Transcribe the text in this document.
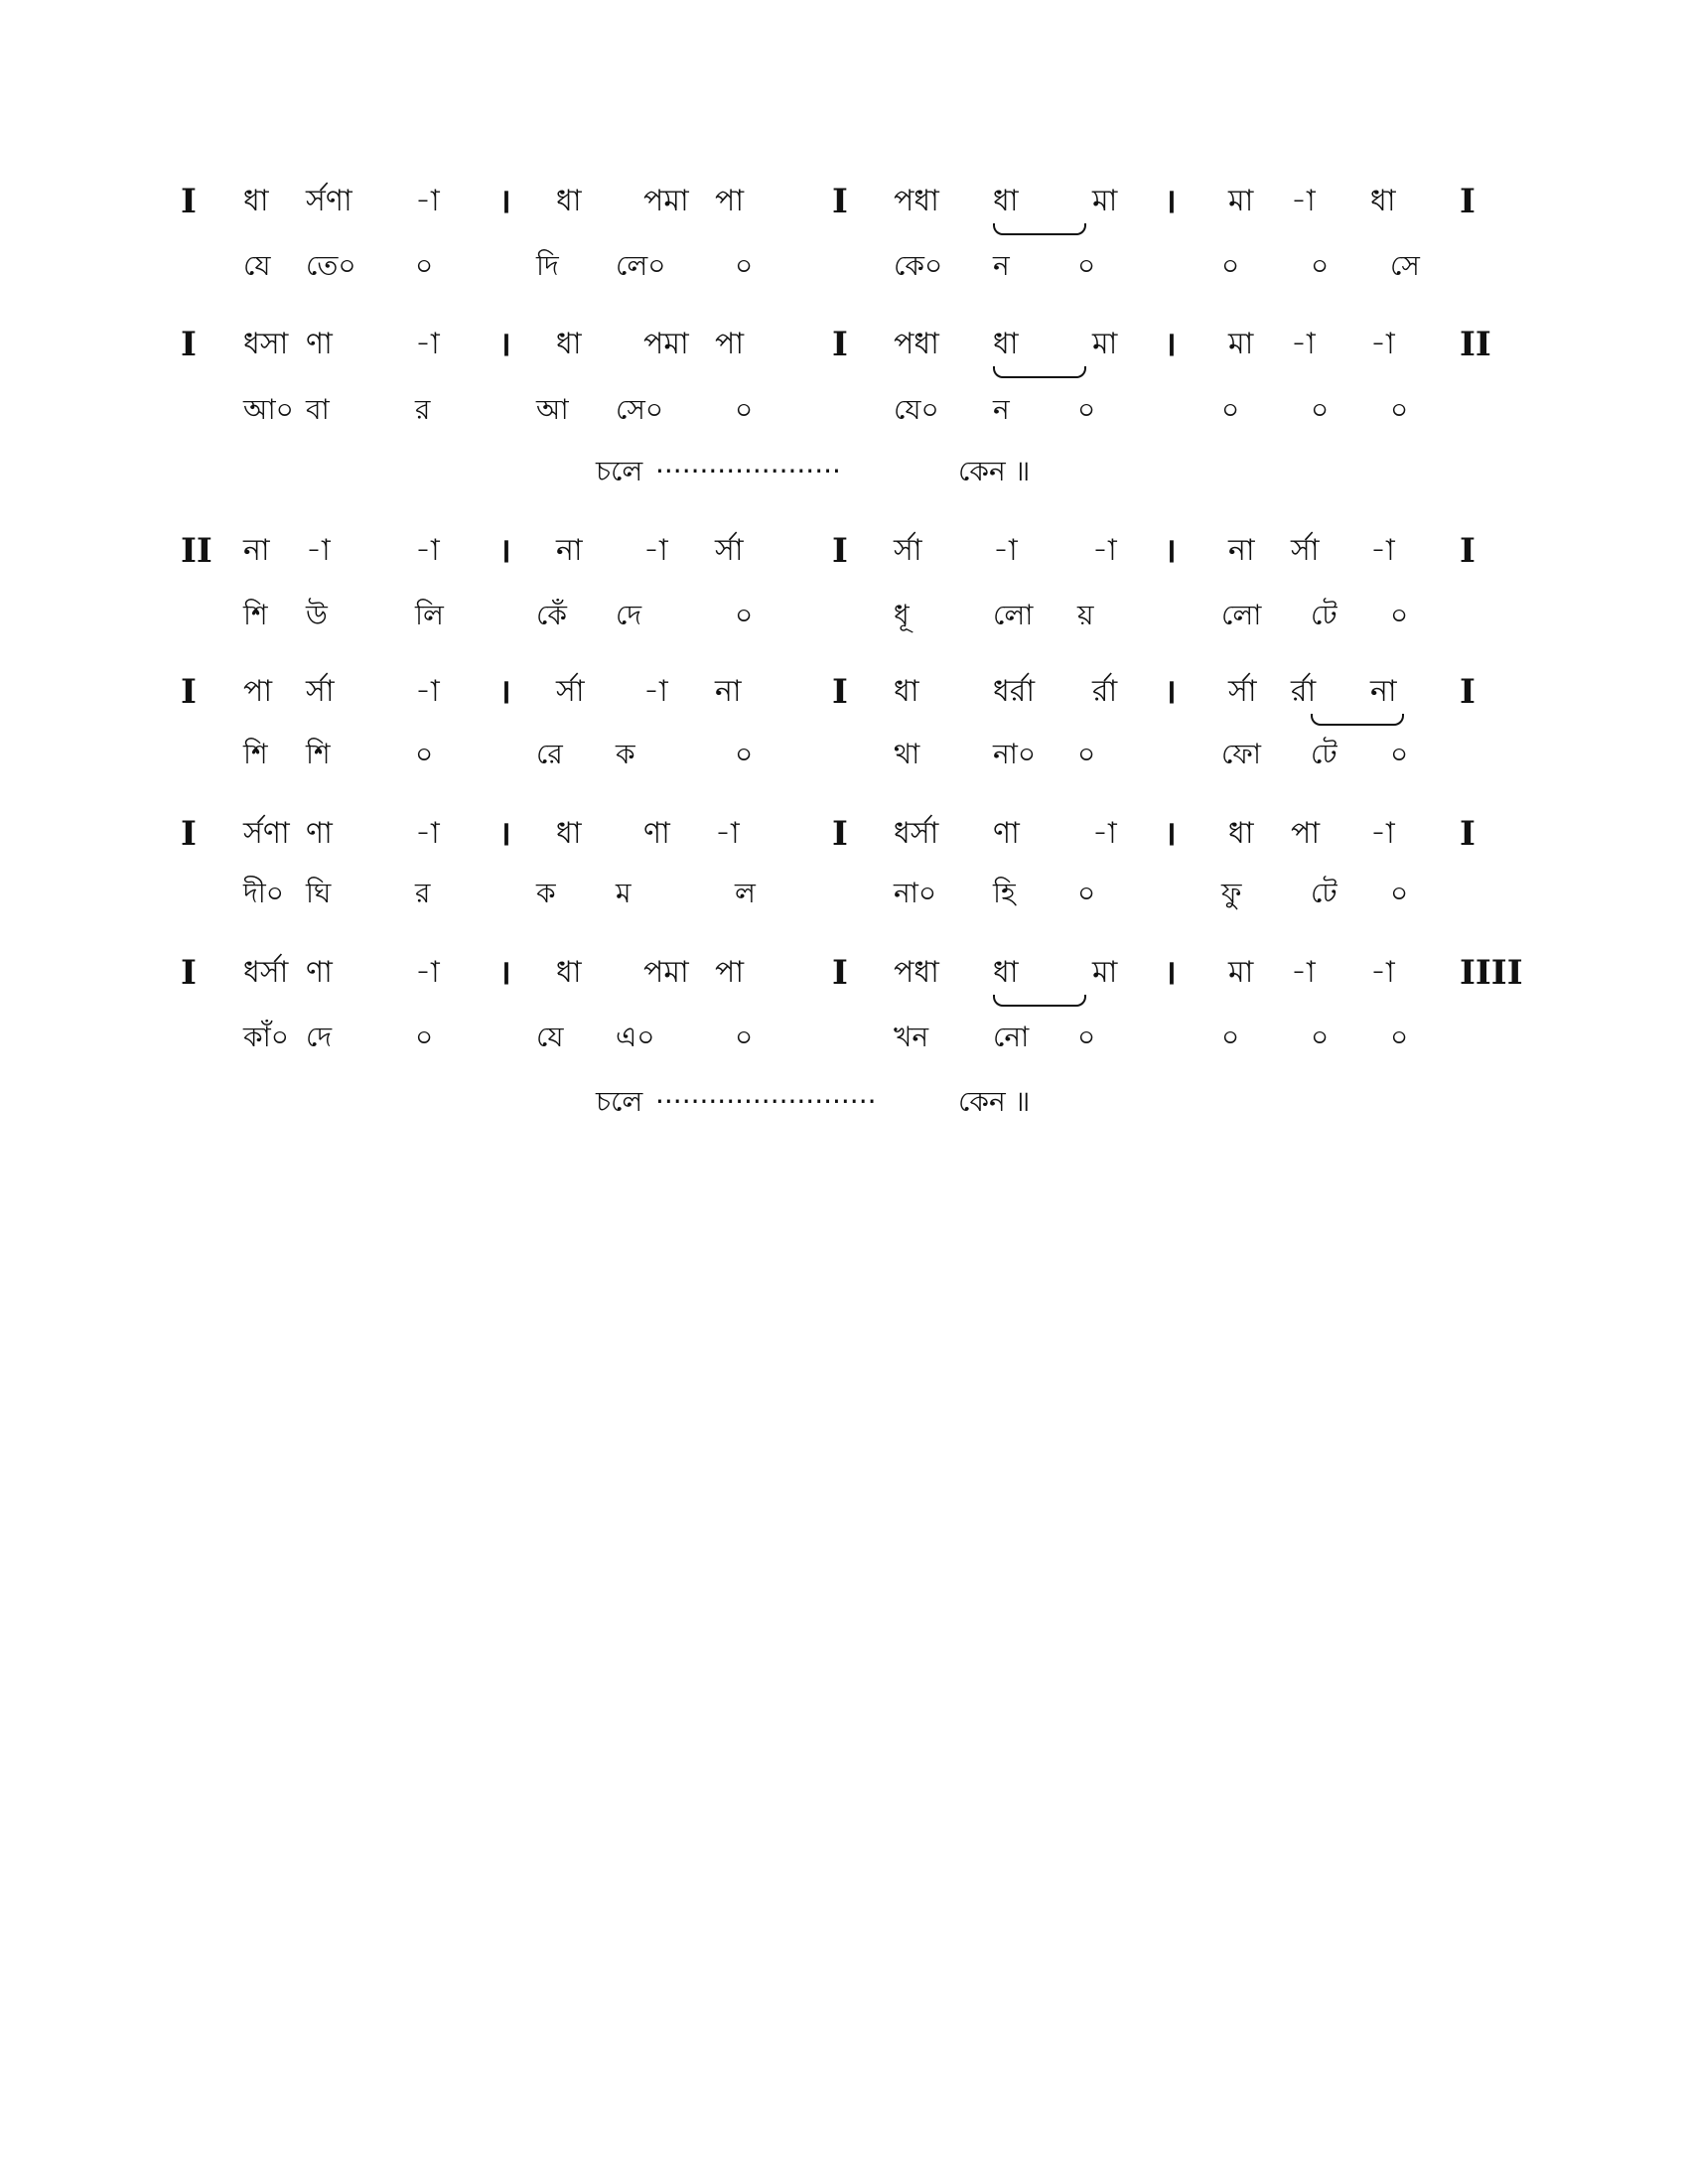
I ধা র্সণা -া । ধা পমা পা	I পধা ধা মা । মা -া ধা I
যে তে০ ০	দি লে০ ০	কে০ ন ০	০	০ সে
I ধসা ণা	-া । ধা পমা পা	I পধা ধা মা । মা -া -া II
আ০ বা	র	আ সে০	০	যে০ ন ০	০	০ ০
চলে ·····················	কেন ॥
II না -া	-া । না -া র্সা	I র্সা -া	-া । না র্সা -া I
শি উ	লি	কেঁ দে	০	ধূ	লো য়	লো টে ০
I পা র্সা	-া । র্সা -া না	I ধা ধর্রা র্রা । র্সা র্রা না I
শি শি	০	রে ক	০	থা	না০ ০	ফো টে ০
I র্সণা ণা	-া । ধা ণা -া	I ধর্সা ণা -া । ধা পা -া I
দী০ ঘি	র	ক ম	ল	না০ হি ০	ফু টে ০
I ধর্সা ণা	-া । ধা পমা পা	I পধা ধা মা । মা -া -া IIII
কাঁ০ দে	০	যে এ০	০	খন নো ০	০	০ ০
চলে ·························	কেন ॥
